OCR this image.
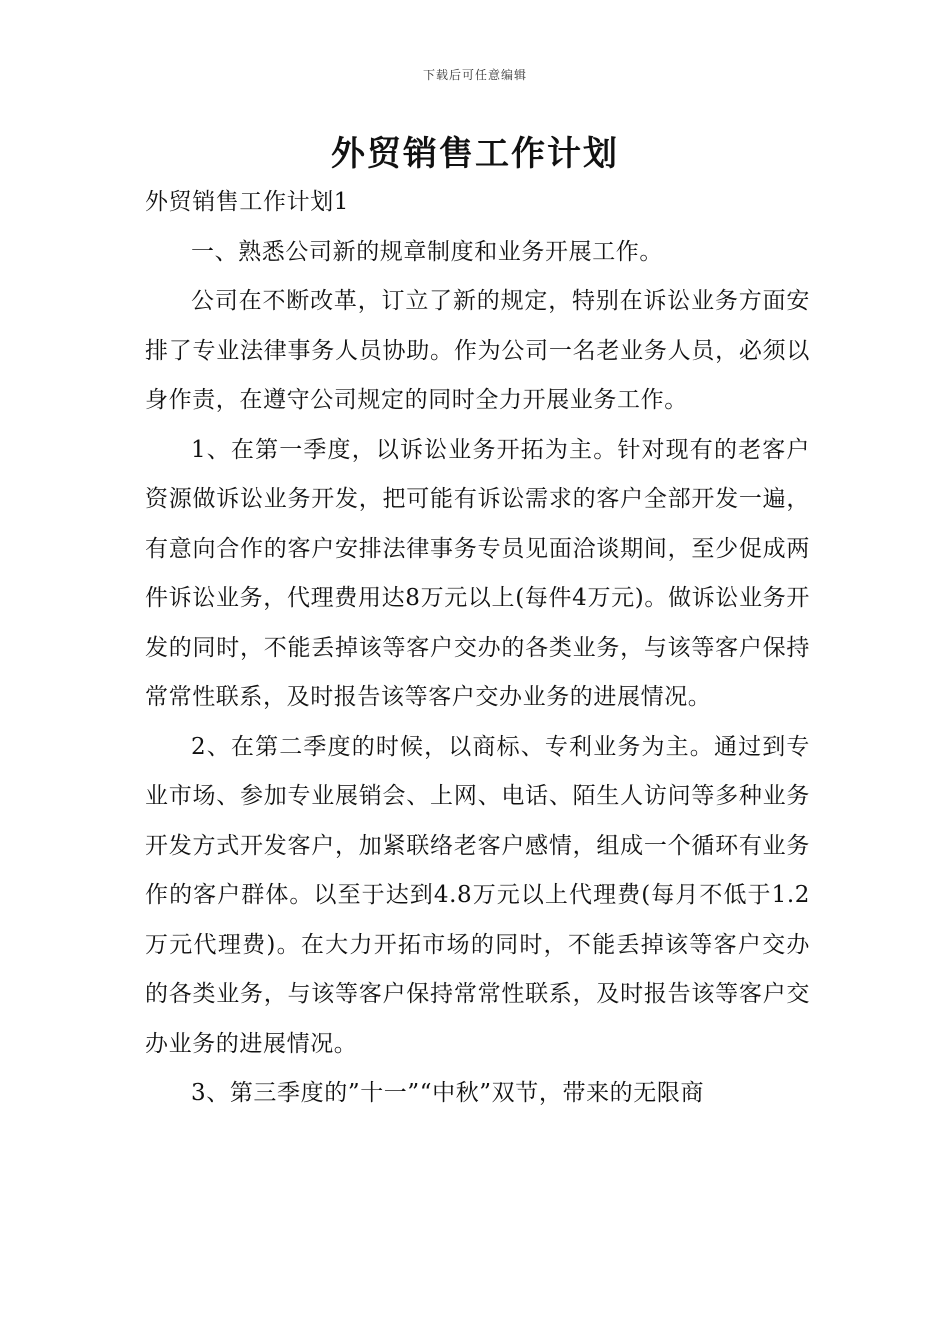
下载后可任意编辑
外贸销售工作计划

外贸销售工作计划1

一、熟悉公司新的规章制度和业务开展工作。

公司在不断改革，订立了新的规定，特别在诉讼业务方面安排了专业法律事务人员协助。作为公司一名老业务人员，必须以身作责，在遵守公司规定的同时全力开展业务工作。

1、在第一季度，以诉讼业务开拓为主。针对现有的老客户资源做诉讼业务开发，把可能有诉讼需求的客户全部开发一遍，有意向合作的客户安排法律事务专员见面洽谈期间，至少促成两件诉讼业务，代理费用达8万元以上(每件4万元)。做诉讼业务开发的同时，不能丢掉该等客户交办的各类业务，与该等客户保持常常性联系，及时报告该等客户交办业务的进展情况。

2、在第二季度的时候，以商标、专利业务为主。通过到专业市场、参加专业展销会、上网、电话、陌生人访问等多种业务开发方式开发客户，加紧联络老客户感情，组成一个循环有业务作的客户群体。以至于达到4.8万元以上代理费(每月不低于1.2万元代理费)。在大力开拓市场的同时，不能丢掉该等客户交办的各类业务，与该等客户保持常常性联系，及时报告该等客户交办业务的进展情况。

3、第三季度的”十一”“中秋”双节，带来的无限商
